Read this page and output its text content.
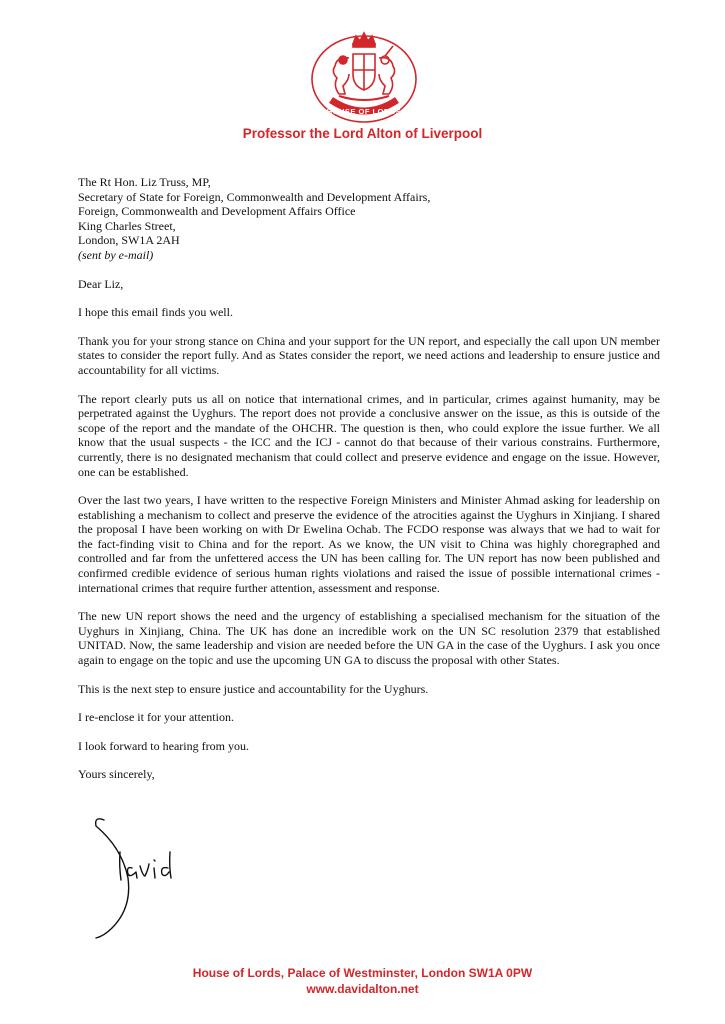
HOUSE OF LORDS
Professor the Lord Alton of Liverpool
The Rt Hon. Liz Truss, MP,
Secretary of State for Foreign, Commonwealth and Development Affairs,
Foreign, Commonwealth and Development Affairs Office
King Charles Street,
London, SW1A 2AH
(sent by e-mail)

Dear Liz,

I hope this email finds you well.

Thank you for your strong stance on China and your support for the UN report, and especially the call upon UN member states to consider the report fully. And as States consider the report, we need actions and leadership to ensure justice and accountability for all victims.

The report clearly puts us all on notice that international crimes, and in particular, crimes against humanity, may be perpetrated against the Uyghurs. The report does not provide a conclusive answer on the issue, as this is outside of the scope of the report and the mandate of the OHCHR. The question is then, who could explore the issue further. We all know that the usual suspects - the ICC and the ICJ - cannot do that because of their various constrains. Furthermore, currently, there is no designated mechanism that could collect and preserve evidence and engage on the issue. However, one can be established.

Over the last two years, I have written to the respective Foreign Ministers and Minister Ahmad asking for leadership on establishing a mechanism to collect and preserve the evidence of the atrocities against the Uyghurs in Xinjiang. I shared the proposal I have been working on with Dr Ewelina Ochab. The FCDO response was always that we had to wait for the fact-finding visit to China and for the report. As we know, the UN visit to China was highly choregraphed and controlled and far from the unfettered access the UN has been calling for. The UN report has now been published and confirmed credible evidence of serious human rights violations and raised the issue of possible international crimes - international crimes that require further attention, assessment and response.

The new UN report shows the need and the urgency of establishing a specialised mechanism for the situation of the Uyghurs in Xinjiang, China. The UK has done an incredible work on the UN SC resolution 2379 that established UNITAD. Now, the same leadership and vision are needed before the UN GA in the case of the Uyghurs. I ask you once again to engage on the topic and use the upcoming UN GA to discuss the proposal with other States.

This is the next step to ensure justice and accountability for the Uyghurs.

I re-enclose it for your attention.

I look forward to hearing from you.

Yours sincerely,

House of Lords, Palace of Westminster, London SW1A 0PW
www.davidalton.net
